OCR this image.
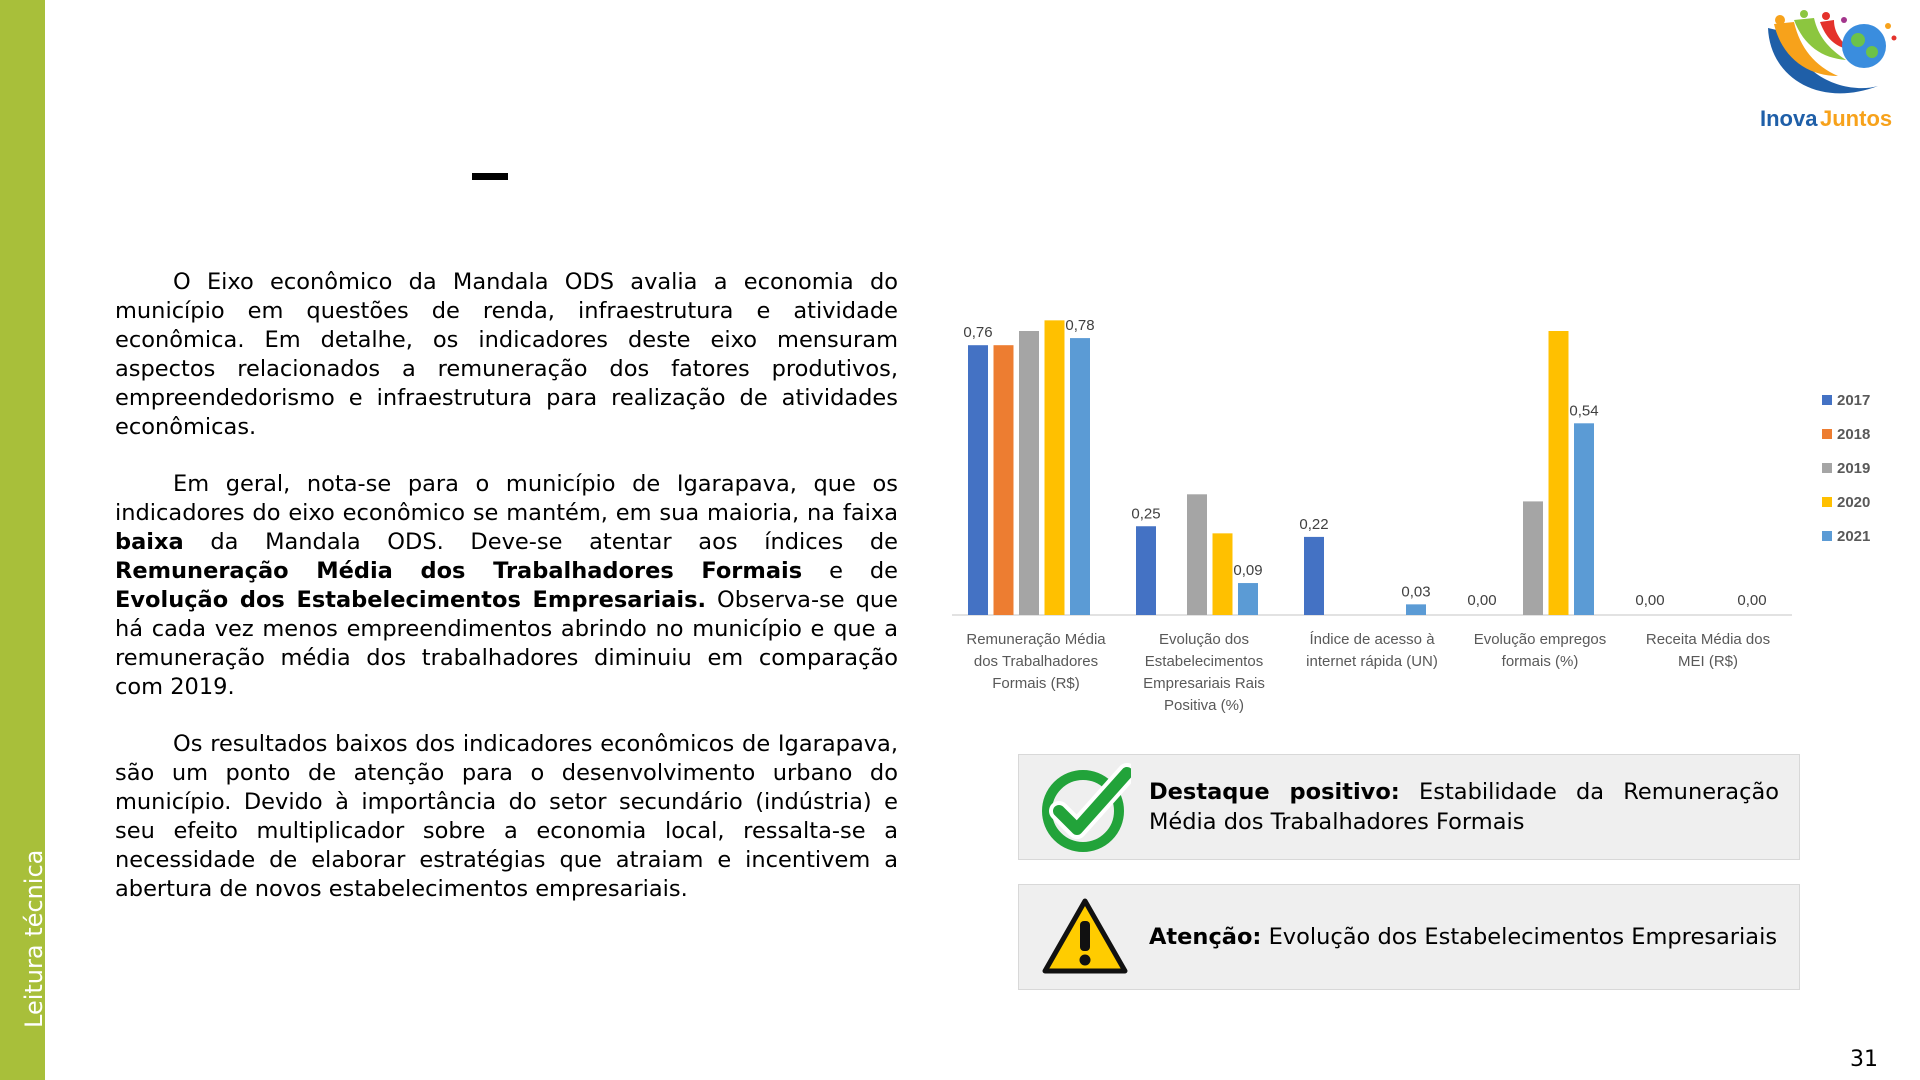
Leitura técnica
Inova Juntos

O Eixo econômico da Mandala ODS avalia a economia do município em questões de renda, infraestrutura e atividade econômica. Em detalhe, os indicadores deste eixo mensuram aspectos relacionados a remuneração dos fatores produtivos, empreendedorismo e infraestrutura para realização de atividades econômicas.

Em geral, nota-se para o município de Igarapava, que os indicadores do eixo econômico se mantém, em sua maioria, na faixa baixa da Mandala ODS. Deve-se atentar aos índices de Remuneração Média dos Trabalhadores Formais e de Evolução dos Estabelecimentos Empresariais. Observa-se que há cada vez menos empreendimentos abrindo no município e que a remuneração média dos trabalhadores diminuiu em comparação com 2019.

Os resultados baixos dos indicadores econômicos de Igarapava, são um ponto de atenção para o desenvolvimento urbano do município. Devido à importância do setor secundário (indústria) e seu efeito multiplicador sobre a economia local, ressalta-se a necessidade de elaborar estratégias que atraiam e incentivem a abertura de novos estabelecimentos empresariais.

0,76	0,78
Remuneração Média
dos Trabalhadores
Formais (R$)
0,25
0,09
Evolução dos
Estabelecimentos
Empresariais Rais
Positiva (%)
0,22
0,03
Índice de acesso à
internet rápida (UN)
0,00
0,54
Evolução empregos
formais (%)
0,00	0,00
Receita Média dos
MEI (R$)
2017
2018
2019
2020
2021
Destaque positivo: Estabilidade da Remuneração Média dos Trabalhadores Formais
Atenção: Evolução dos Estabelecimentos Empresariais
31
